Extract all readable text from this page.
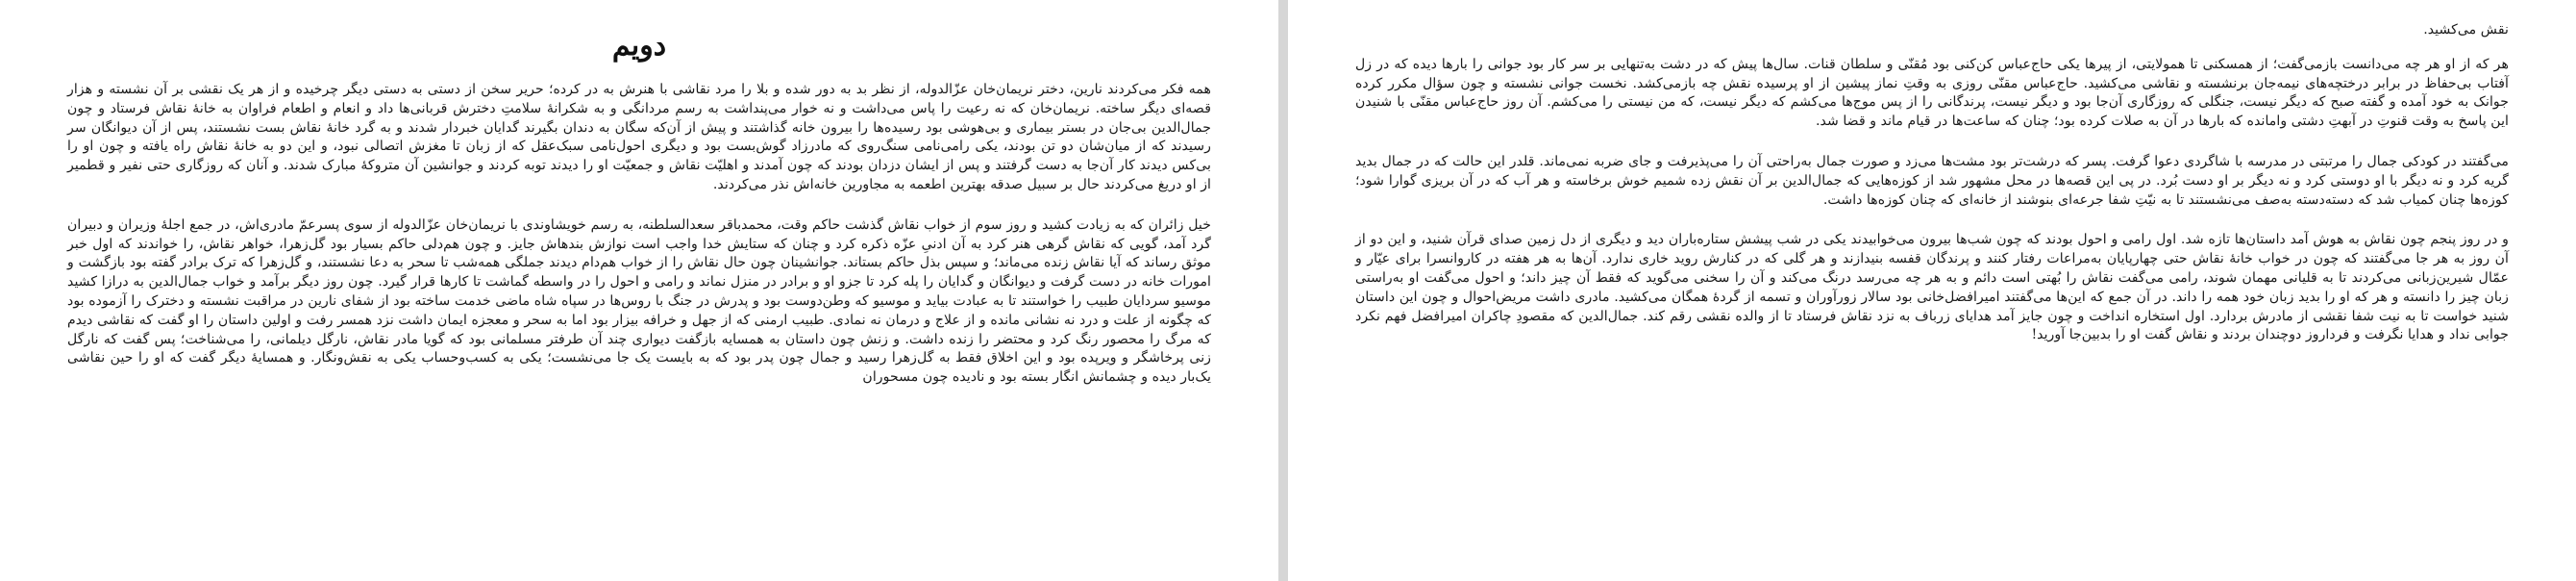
دویم

همه فکر می‌کردند نارین، دختر نریمان‌خان عزّالدوله، از نظر بد به دور شده و بلا را مرد نقاشی با هنرش به در کرده؛ حریر سخن از دستی به دستی دیگر چرخیده و از هر یک نقشی بر آن نشسته و هزار قصه‌ای دیگر ساخته. نریمان‌خان که نه رعیت را پاس می‌داشت و نه خوار می‌پنداشت به رسم مردانگی و به شکرانهٔ سلامتِ دخترش قربانی‌ها داد و انعام و اطعام فراوان به خانهٔ نقاش فرستاد و چون جمال‌الدین بی‌جان در بستر بیماری و بی‌هوشی بود رسیده‌ها را بیرون خانه گذاشتند و پیش از آن‌که سگان به دندان بگیرند گدایان خبردار شدند و به گرد خانهٔ نقاش بست نشستند، پس از آن دیوانگان سر رسیدند که از میان‌شان دو تن بودند، یکی رامی‌نامی سنگ‌روی که مادرزاد گوش‌بست بود و دیگری احول‌نامی سبک‌عقل که از زبان تا مغزش اتصالی نبود، و این دو به خانهٔ نقاش راه یافته و چون او را بی‌کس دیدند کار آن‌جا به دست گرفتند و پس از ایشان دزدان بودند که چون آمدند و اهلیّت نقاش و جمعیّت او را دیدند توبه کردند و جوانشین آن متروکهٔ مبارک شدند. و آنان که روزگاری حتی نفیر و قطمیر از او دریغ می‌کردند حال بر سبیل صدقه بهترین اطعمه به مجاورین خانه‌اش نذر می‌کردند.

خیل زائران که به زیادت کشید و روز سوم از خواب نقاش گذشت حاکم وقت، محمدباقر سعدالسلطنه، به رسم خویشاوندی با نریمان‌خان عزّالدوله از سوی پسرعمّ مادری‌اش، در جمع اجلهٔ وزیران و دبیران گرد آمد، گویی که نقاش گرهی هنر کرد به آن ادنیِ عزّه ذکره کرد و چنان که ستایش خدا واجب است نوازش بندهاش جایز. و چون هم‌دلی حاکم بسیار بود گل‌زهرا، خواهر نقاش، را خواندند که اول خبر موثق رساند که آیا نقاش زنده می‌ماند؛ و سپس بذل حاکم بستاند. جوانشینان چون حال نقاش را از خواب هم‌دام دیدند جملگی همه‌شب تا سحر به دعا نشستند، و گل‌زهرا که ترک برادر گفته بود بازگشت و امورات خانه در دست گرفت و دیوانگان و گدایان را پله کرد تا جزو او و برادر در منزل نماند و رامی و احول را در واسطه گماشت تا کارها قرار گیرد. چون روز دیگر برآمد و خواب جمال‌الدین به درازا کشید موسیو سردایان طبیب را خواستند تا به عبادت بیاید و موسیو که وطن‌دوست بود و پدرش در جنگ با روس‌ها در سپاه شاه ماضی خدمت ساخته بود از شفای نارین در مراقبت نشسته و دخترک را آزموده بود که چگونه از علت و درد نه نشانی مانده و از علاج و درمان نه نمادی. طبیب ارمنی که از جهل و خرافه بیزار بود اما به سحر و معجزه ایمان داشت نزد همسر رفت و اولین داستان را او گفت که نقاشی دیدم که مرگ را محصور رنگ کرد و محتضر را زنده داشت. و زنش چون داستان به همسایه بازگفت دیواری چند آن طرفتر مسلمانی بود که گویا مادر نقاش، نارگل دیلمانی، را می‌شناخت؛ پس گفت که نارگل زنی پرخاشگر و ویرپده بود و این اخلاق فقط به گل‌زهرا رسید و جمال چون پدر بود که به بایست یک جا می‌نشست؛ یکی به کسب‌وحساب یکی به نقش‌ونگار. و همسایهٔ دیگر گفت که او را حین نقاشی یک‌بار دیده و چشمانش انگار بسته بود و نادیده چون مسحوران

نقش می‌کشید.

هر که از او هر چه می‌دانست بازمی‌گفت؛ از همسکنی تا همولایتی، از پیرها یکی حاج‌عباس کن‌کنی بود مُقنّی و سلطان قنات. سال‌ها پیش که در دشت به‌تنهایی بر سر کار بود جوانی را بارها دیده که در زل آفتاب بی‌حفاظ در برابر درختچه‌های نیمه‌جان برنشسته و نقاشی می‌کشید. حاج‌عباس مقنّی روزی به وقتِ نماز پیشین از او پرسیده نقش چه بازمی‌کشد. نخست جوانی نشسته و چون سؤال مکرر کرده جوانک به خود آمده و گفته صبح که دیگر نیست، جنگلی که روزگاری آن‌جا بود و دیگر نیست، پرندگانی را از پس موج‌ها می‌کشم که دیگر نیست، که من نیستی را می‌کشم. آن روز حاج‌عباس مقنّی با شنیدن این پاسخ به وقت قنوتِ در آبهتِ دشتی وامانده که بارها در آن به صلات کرده بود؛ چنان که ساعت‌ها در قیام ماند و قضا شد.

می‌گفتند در کودکی جمال را مرتبتی در مدرسه با شاگردی دعوا گرفت. پسر که درشت‌تر بود مشت‌ها می‌زد و صورت جمال به‌راحتی آن را می‌پذیرفت و جای ضربه نمی‌ماند. قلدر این حالت که در جمال بدید گریه کرد و نه دیگر با او دوستی کرد و نه دیگر بر او دست بُرد. در پی این قصه‌ها در محل مشهور شد از کوزه‌هایی که جمال‌الدین بر آن نقش زده شمیم خوش برخاسته و هر آب که در آن بریزی گوارا شود؛ کوزه‌ها چنان کمیاب شد که دسته‌دسته به‌صف می‌نشستند تا به نیّتِ شفا جرعه‌ای بنوشند از خانه‌ای که چنان کوزه‌ها داشت.

و در روز پنجم چون نقاش به هوش آمد داستان‌ها تازه شد. اول رامی و احول بودند که چون شب‌ها بیرون می‌خوابیدند یکی در شب پیشش ستاره‌باران دید و دیگری از دل زمین صدای قرآن شنید، و این دو از آن روز به هر جا می‌گفتند که چون در خواب خانهٔ نقاش حتی چهارپایان به‌مراعات رفتار کنند و پرندگان قفسه بنیدازند و هر گلی که در کنارش روید خاری ندارد. آن‌ها به هر هفته در کاروانسرا برای عیّار و عمّال شیرین‌زبانی می‌کردند تا به قلیانی مهمان شوند، رامی می‌گفت نقاش را بُهتی است دائم و به هر چه می‌رسد درنگ می‌کند و آن را سخنی می‌گوید که فقط آن چیز داند؛ و احول می‌گفت او به‌راستی زبان چیز را دانسته و هر که او را بدید زبان خود همه را داند. در آن جمع که این‌ها می‌گفتند امیرافضل‌خانی بود سالار زورآوران و تسمه از گردهٔ همگان می‌کشید. مادری داشت مریض‌احوال و چون این داستان شنید خواست تا به نیت شفا نقشی از مادرش بردارد. اول استخاره انداخت و چون جایز آمد هدایای زرباف به نزد نقاش فرستاد تا از والده نقشی رقم کند. جمال‌الدین که مقصودِ چاکران امیرافضل فهم نکرد جوابی نداد و هدایا نگرفت و فردا‌روز دوچندان بردند و نقاش گفت او را بدبین‌جا آورید!
